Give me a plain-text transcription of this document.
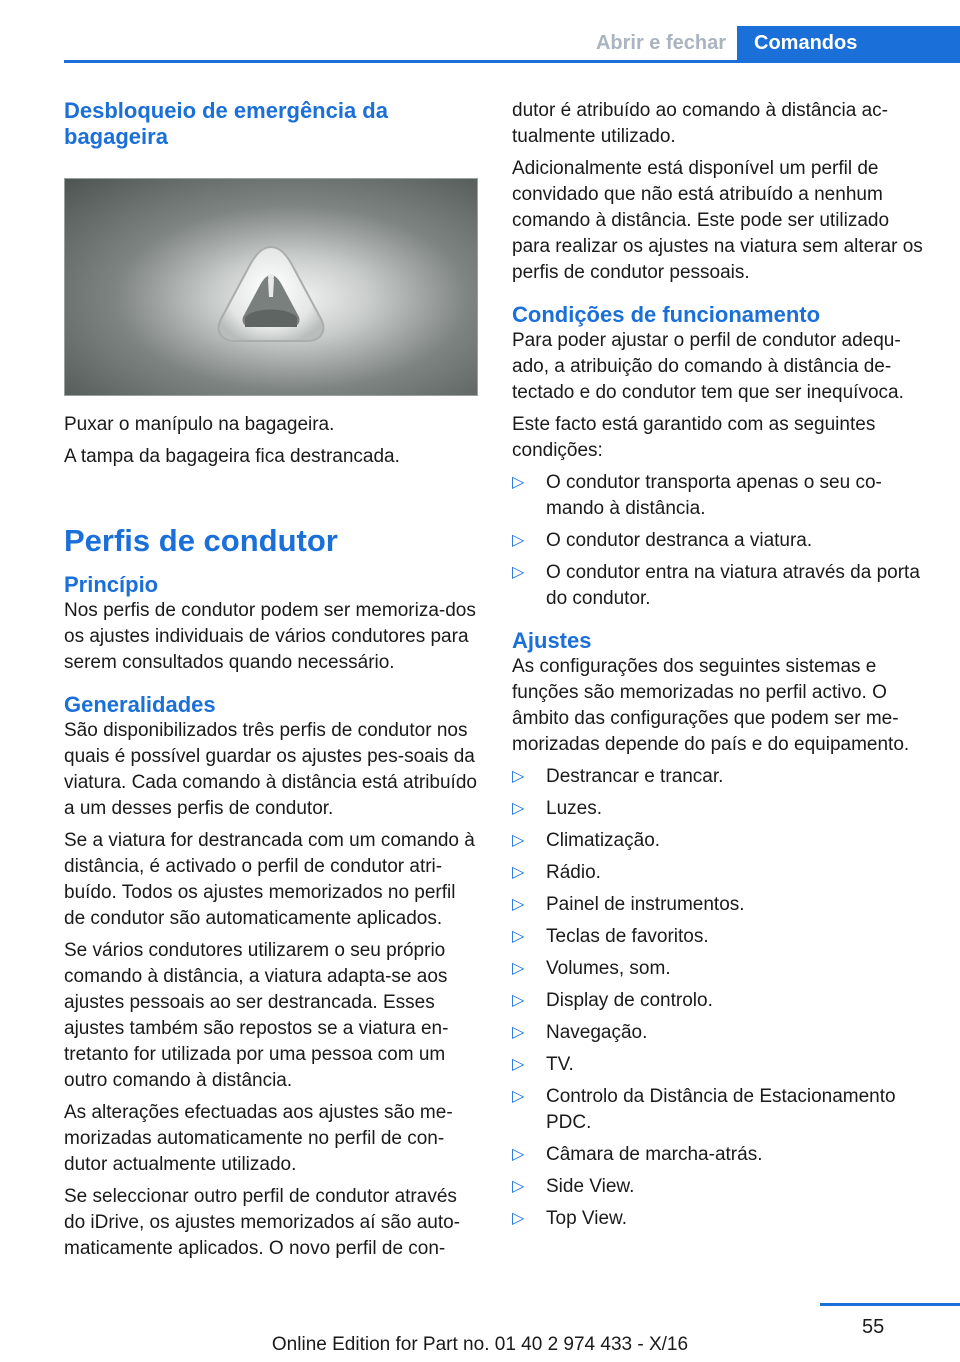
Abrir e fechar	Comandos
Desbloqueio de emergência da bagageira

Puxar o manípulo na bagageira.

A tampa da bagageira fica destrancada.

Perfis de condutor
Princípio

Nos perfis de condutor podem ser memoriza-dos os ajustes individuais de vários condutores para serem consultados quando necessário.

Generalidades

São disponibilizados três perfis de condutor nos quais é possível guardar os ajustes pes-soais da viatura. Cada comando à distância está atribuído a um desses perfis de condutor.

Se a viatura for destrancada com um comando à distância, é activado o perfil de condutor atri-buído. Todos os ajustes memorizados no perfil de condutor são automaticamente aplicados.

Se vários condutores utilizarem o seu próprio comando à distância, a viatura adapta-se aos ajustes pessoais ao ser destrancada. Esses ajustes também são repostos se a viatura en-tretanto for utilizada por uma pessoa com um outro comando à distância.

As alterações efectuadas aos ajustes são me-morizadas automaticamente no perfil de con-dutor actualmente utilizado.

Se seleccionar outro perfil de condutor através do iDrive, os ajustes memorizados aí são auto-maticamente aplicados. O novo perfil de con-

dutor é atribuído ao comando à distância ac-tualmente utilizado.

Adicionalmente está disponível um perfil de convidado que não está atribuído a nenhum comando à distância. Este pode ser utilizado para realizar os ajustes na viatura sem alterar os perfis de condutor pessoais.

Condições de funcionamento

Para poder ajustar o perfil de condutor adequ-ado, a atribuição do comando à distância de-tectado e do condutor tem que ser inequívoca.

Este facto está garantido com as seguintes condições:

▷ O condutor transporta apenas o seu co-mando à distância.
▷ O condutor destranca a viatura.
▷ O condutor entra na viatura através da porta do condutor.
Ajustes

As configurações dos seguintes sistemas e funções são memorizadas no perfil activo. O âmbito das configurações que podem ser me-morizadas depende do país e do equipamento.

▷ Destrancar e trancar.
▷ Luzes.
▷ Climatização.
▷ Rádio.
▷ Painel de instrumentos.
▷ Teclas de favoritos.
▷ Volumes, som.
▷ Display de controlo.
▷ Navegação.
▷ TV.
▷ Controlo da Distância de Estacionamento PDC.
▷ Câmara de marcha-atrás.
▷ Side View.
▷ Top View.
55
Online Edition for Part no. 01 40 2 974 433 - X/16
